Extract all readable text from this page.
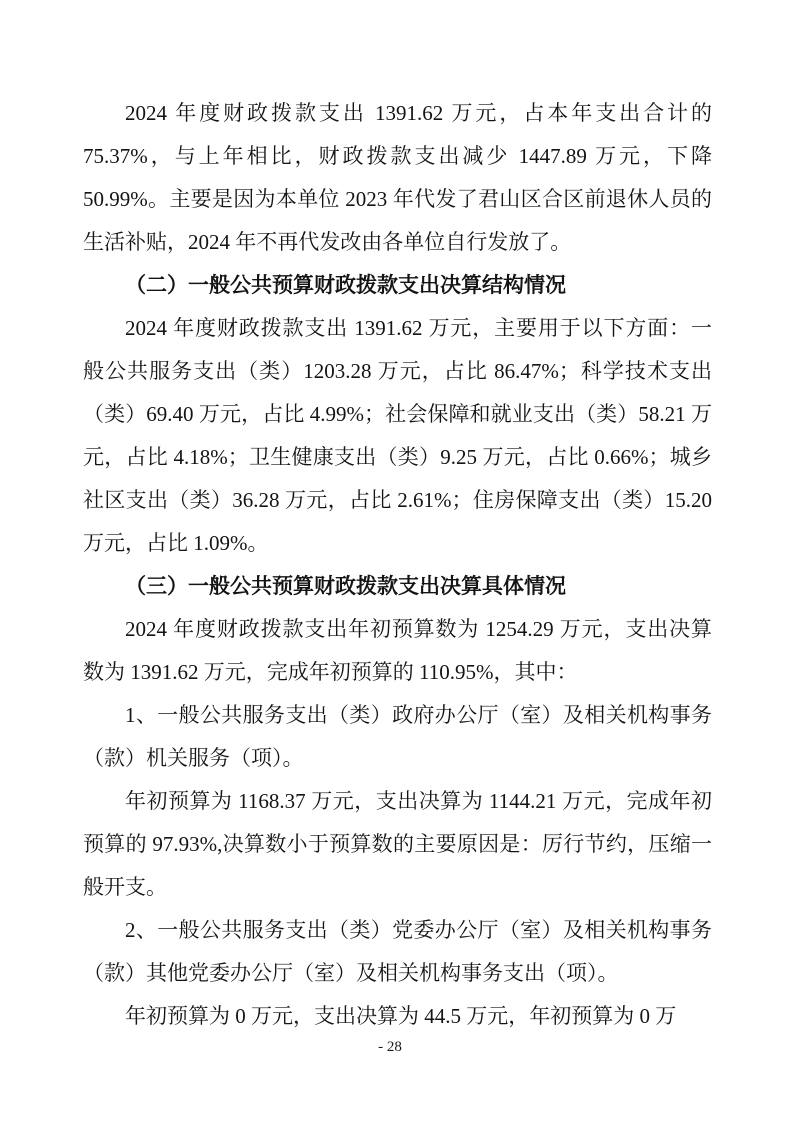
2024 年度财政拨款支出 1391.62 万元，占本年支出合计的 75.37%，与上年相比，财政拨款支出减少 1447.89 万元，下降 50.99%。主要是因为本单位 2023 年代发了君山区合区前退休人员的生活补贴，2024 年不再代发改由各单位自行发放了。

（二）一般公共预算财政拨款支出决算结构情况

2024 年度财政拨款支出 1391.62 万元，主要用于以下方面：一般公共服务支出（类）1203.28 万元，占比 86.47%；科学技术支出（类）69.40 万元，占比 4.99%；社会保障和就业支出（类）58.21 万元，占比 4.18%；卫生健康支出（类）9.25 万元，占比 0.66%；城乡社区支出（类）36.28 万元，占比 2.61%；住房保障支出（类）15.20 万元，占比 1.09%。

（三）一般公共预算财政拨款支出决算具体情况

2024 年度财政拨款支出年初预算数为 1254.29 万元，支出决算数为 1391.62 万元，完成年初预算的 110.95%，其中：

1、一般公共服务支出（类）政府办公厅（室）及相关机构事务（款）机关服务（项）。

年初预算为 1168.37 万元，支出决算为 1144.21 万元，完成年初预算的 97.93%,决算数小于预算数的主要原因是：厉行节约，压缩一般开支。

2、一般公共服务支出（类）党委办公厅（室）及相关机构事务（款）其他党委办公厅（室）及相关机构事务支出（项）。

年初预算为 0 万元，支出决算为 44.5 万元，年初预算为 0 万

- 28
